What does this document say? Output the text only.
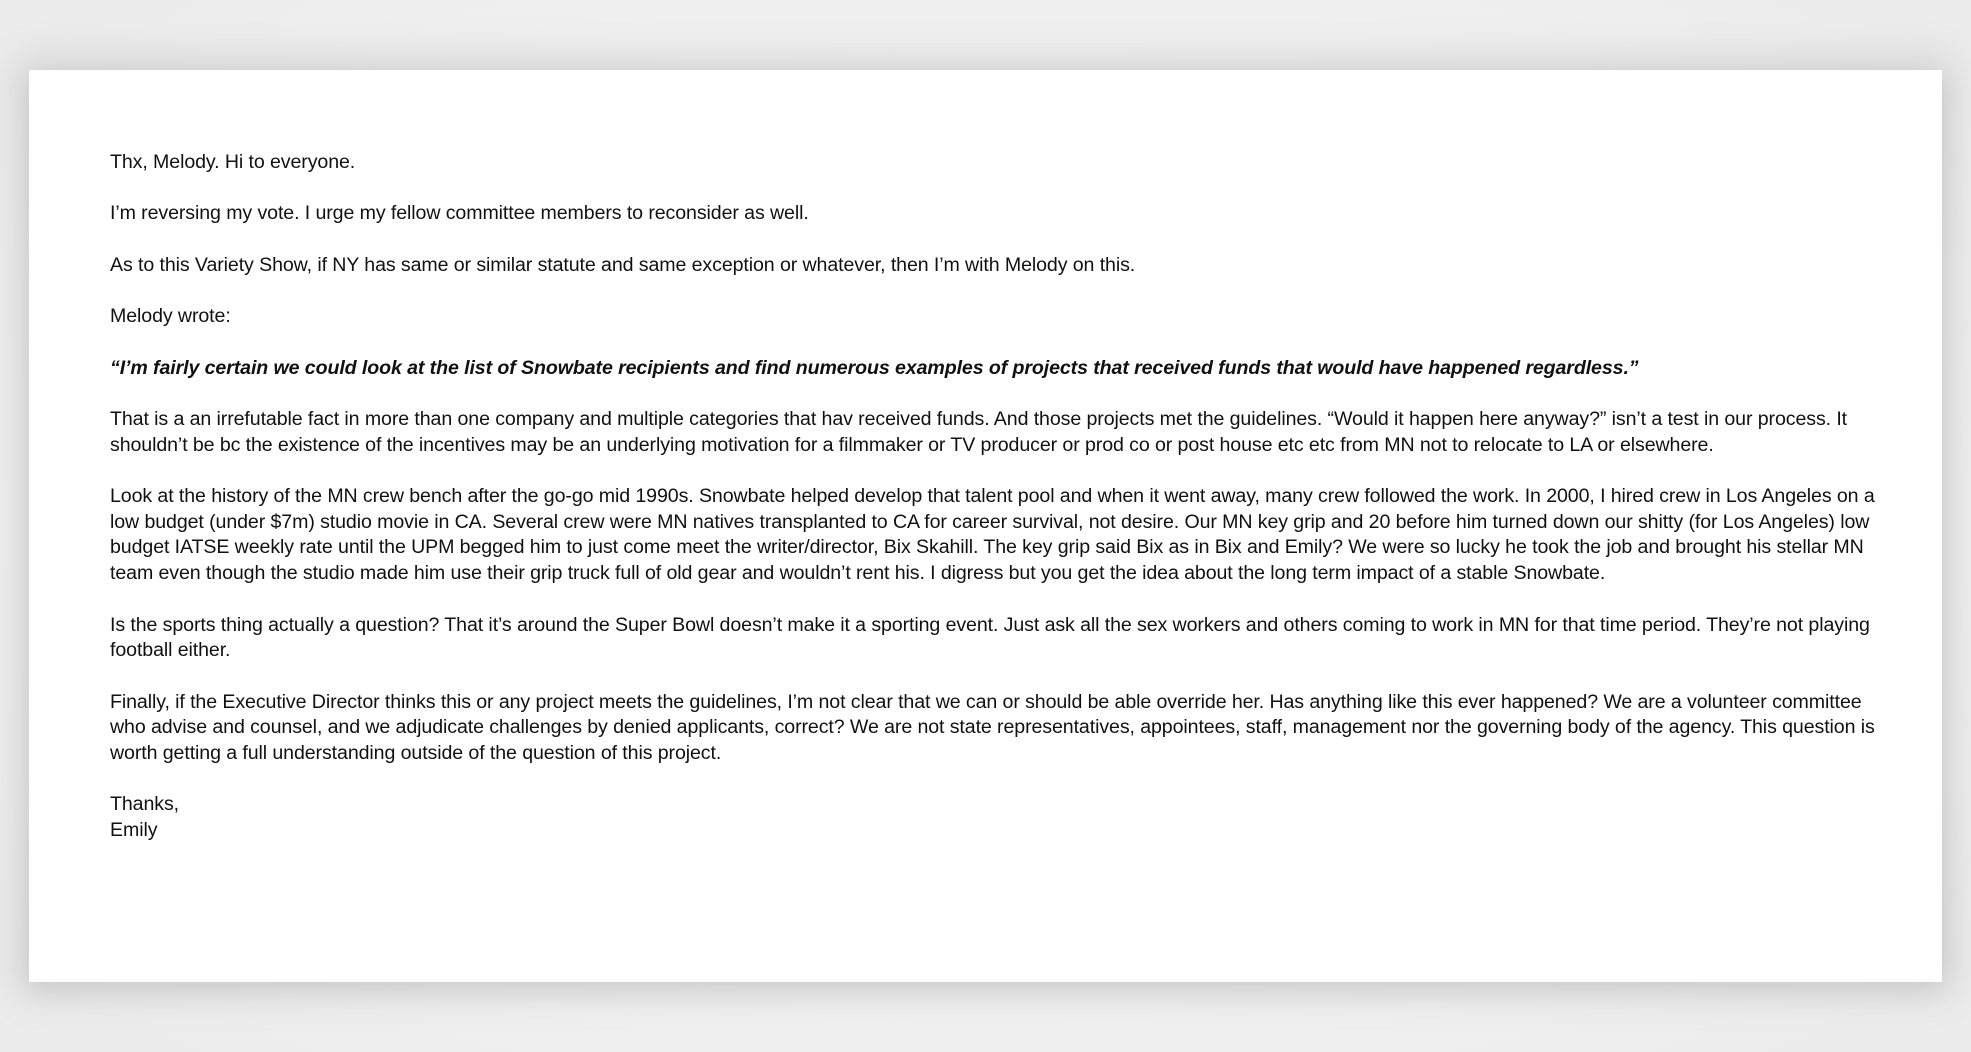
Thx, Melody. Hi to everyone.

I’m reversing my vote. I urge my fellow committee members to reconsider as well.

As to this Variety Show, if NY has same or similar statute and same exception or whatever, then I’m with Melody on this.

Melody wrote:

“I’m fairly certain we could look at the list of Snowbate recipients and find numerous examples of projects that received funds that would have happened regardless.”

That is a an irrefutable fact in more than one company and multiple categories that hav received funds. And those projects met the guidelines. “Would it happen here anyway?” isn’t a test in our process. It shouldn’t be bc the existence of the incentives may be an underlying motivation for a filmmaker or TV producer or prod co or post house etc etc from MN not to relocate to LA or elsewhere.

Look at the history of the MN crew bench after the go-go mid 1990s. Snowbate helped develop that talent pool and when it went away, many crew followed the work. In 2000, I hired crew in Los Angeles on a low budget (under $7m) studio movie in CA. Several crew were MN natives transplanted to CA for career survival, not desire. Our MN key grip and 20 before him turned down our shitty (for Los Angeles) low budget IATSE weekly rate until the UPM begged him to just come meet the writer/director, Bix Skahill. The key grip said Bix as in Bix and Emily? We were so lucky he took the job and brought his stellar MN team even though the studio made him use their grip truck full of old gear and wouldn’t rent his. I digress but you get the idea about the long term impact of a stable Snowbate.

Is the sports thing actually a question? That it’s around the Super Bowl doesn’t make it a sporting event. Just ask all the sex workers and others coming to work in MN for that time period. They’re not playing football either.

Finally, if the Executive Director thinks this or any project meets the guidelines, I’m not clear that we can or should be able override her. Has anything like this ever happened? We are a volunteer committee who advise and counsel, and we adjudicate challenges by denied applicants, correct? We are not state representatives, appointees, staff, management nor the governing body of the agency. This question is worth getting a full understanding outside of the question of this project.

Thanks,
Emily
